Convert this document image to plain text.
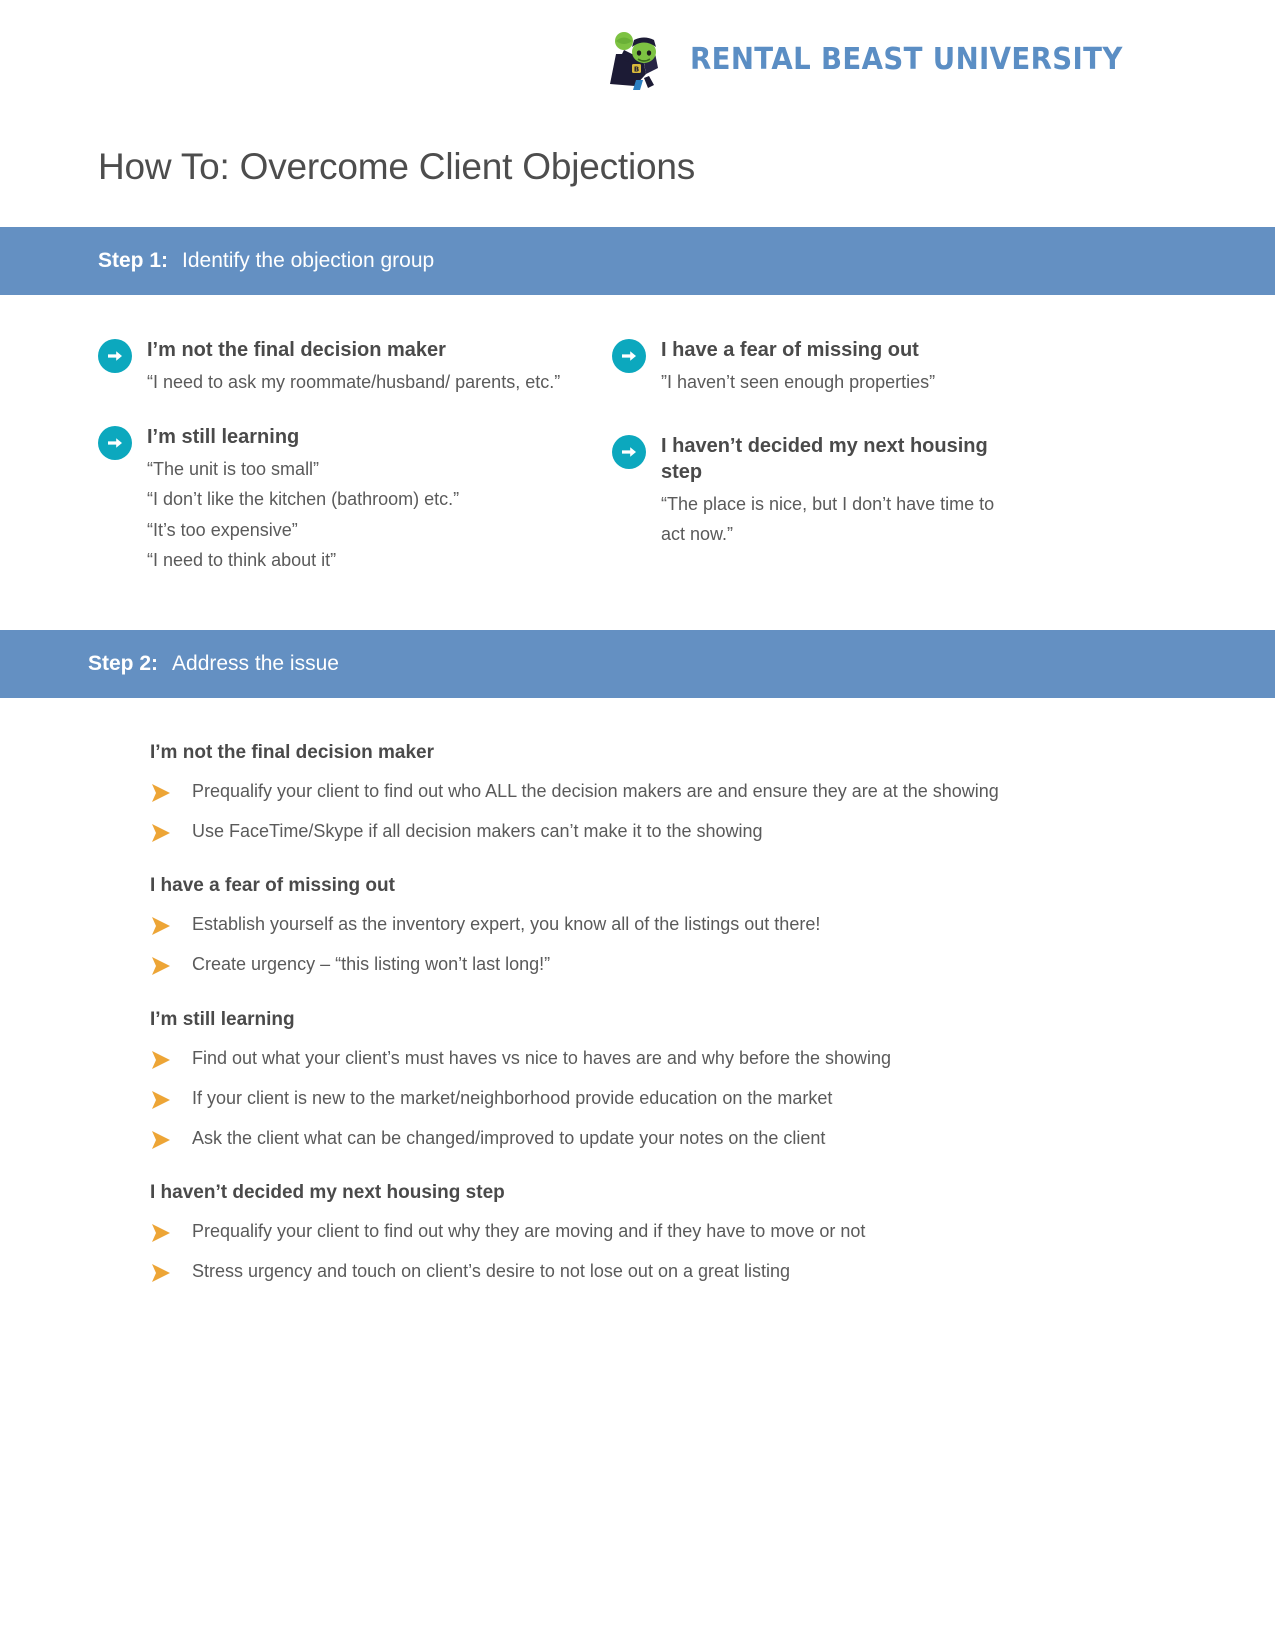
B RENTAL BEAST UNIVERSITY
How To: Overcome Client Objections
Step 1: Identify the objection group

I’m not the final decision maker

“I need to ask my roommate/husband/ parents, etc.”

I’m still learning

“The unit is too small”

“I don’t like the kitchen (bathroom) etc.”

“It’s too expensive”

“I need to think about it”

I have a fear of missing out

”I haven’t seen enough properties”

I haven’t decided my next housing step

“The place is nice, but I don’t have time to act now.”

Step 2: Address the issue

I’m not the final decision maker

Prequalify your client to find out who ALL the decision makers are and ensure they are at the showing
Use FaceTime/Skype if all decision makers can’t make it to the showing

I have a fear of missing out

Establish yourself as the inventory expert, you know all of the listings out there!
Create urgency – “this listing won’t last long!”

I’m still learning

Find out what your client’s must haves vs nice to haves are and why before the showing
If your client is new to the market/neighborhood provide education on the market
Ask the client what can be changed/improved to update your notes on the client

I haven’t decided my next housing step

Prequalify your client to find out why they are moving and if they have to move or not
Stress urgency and touch on client’s desire to not lose out on a great listing
